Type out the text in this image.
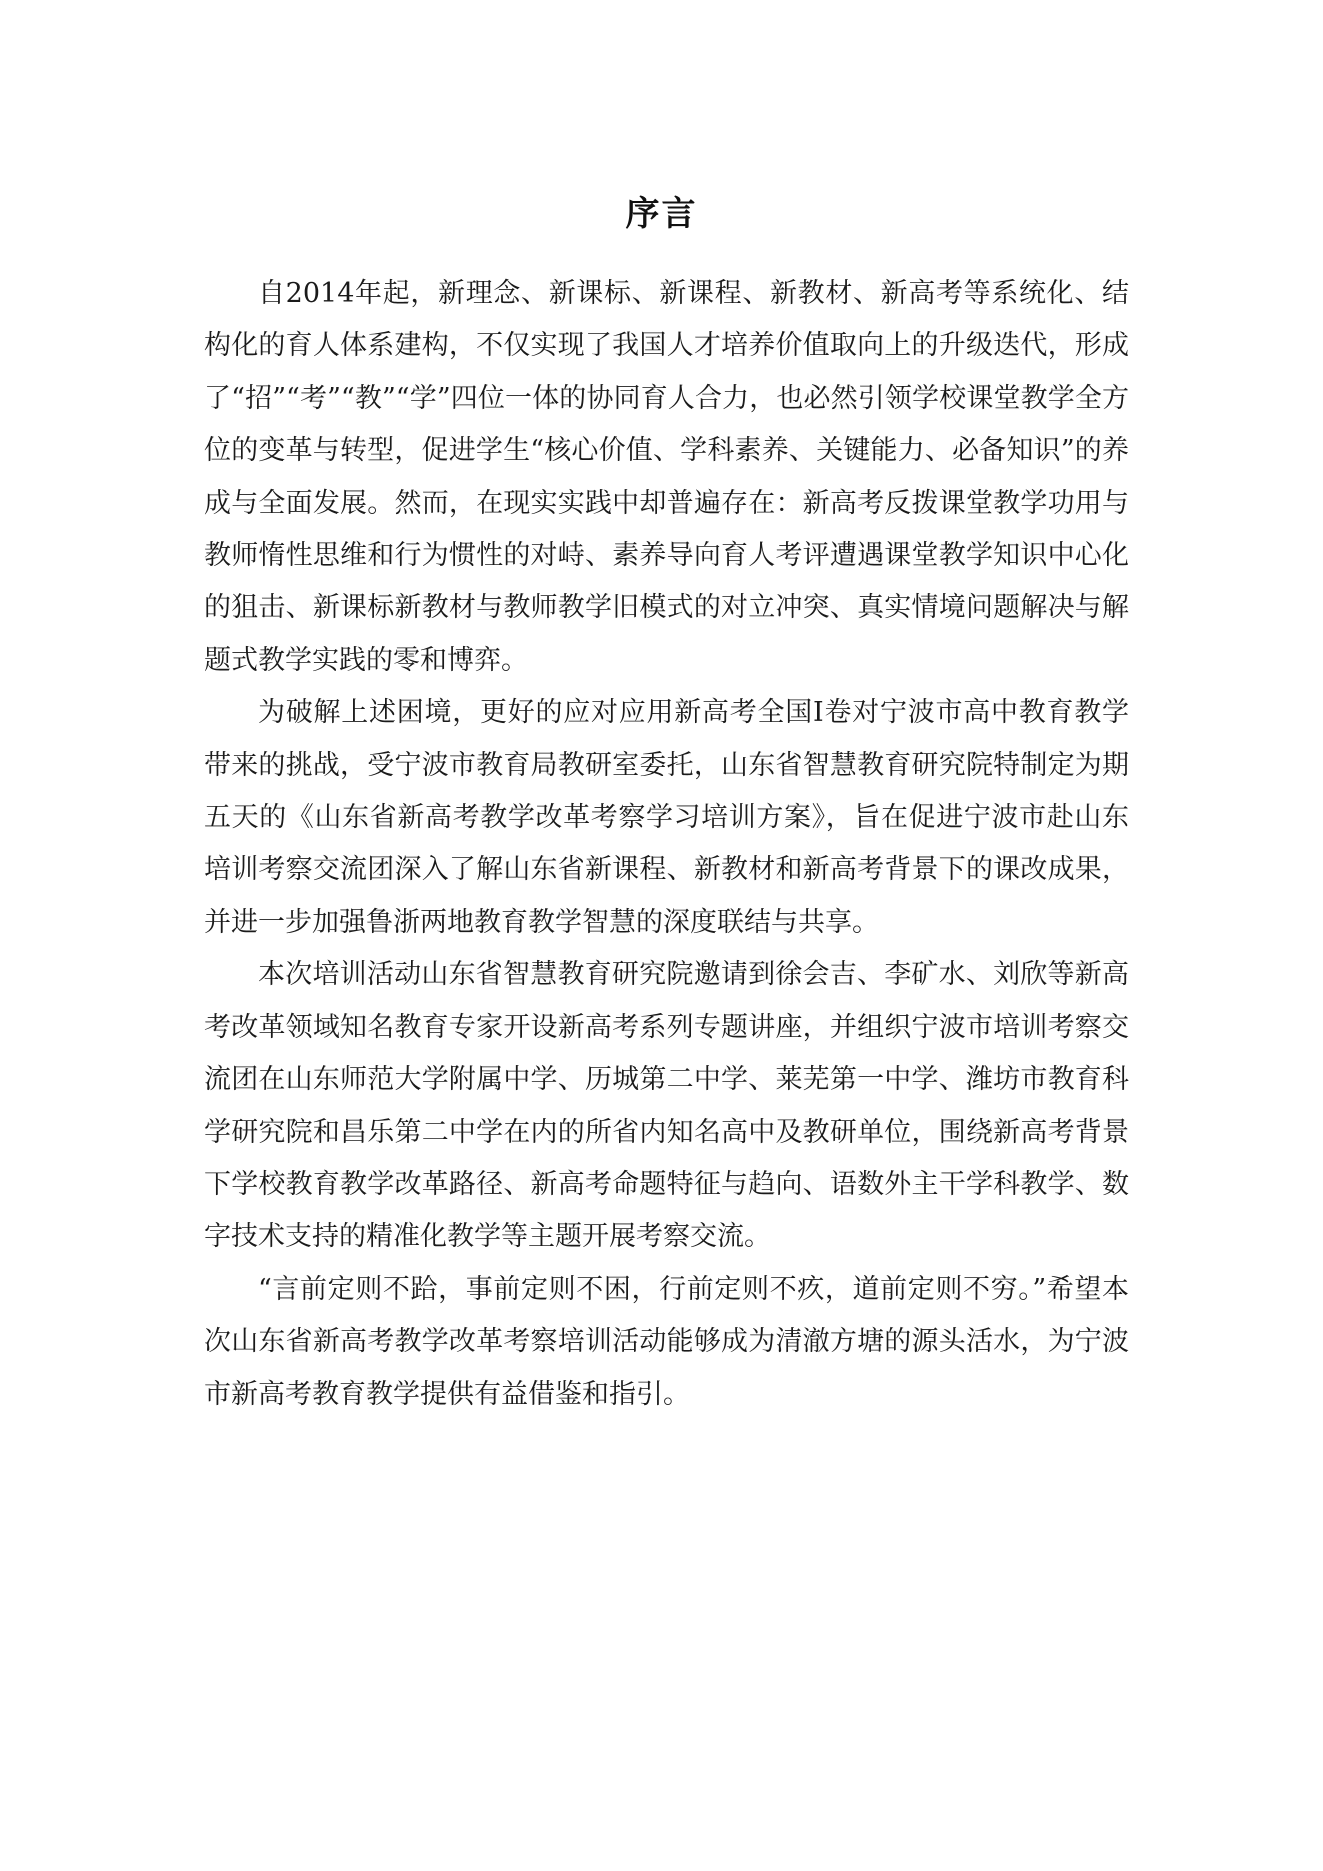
序言

自2014年起，新理念、新课标、新课程、新教材、新高考等系统化、结构化的育人体系建构，不仅实现了我国人才培养价值取向上的升级迭代，形成了“招”“考”“教”“学”四位一体的协同育人合力，也必然引领学校课堂教学全方位的变革与转型，促进学生“核心价值、学科素养、关键能力、必备知识”的养成与全面发展。然而，在现实实践中却普遍存在：新高考反拨课堂教学功用与教师惰性思维和行为惯性的对峙、素养导向育人考评遭遇课堂教学知识中心化的狙击、新课标新教材与教师教学旧模式的对立冲突、真实情境问题解决与解题式教学实践的零和博弈。

为破解上述困境，更好的应对应用新高考全国Ⅰ卷对宁波市高中教育教学带来的挑战，受宁波市教育局教研室委托，山东省智慧教育研究院特制定为期五天的《山东省新高考教学改革考察学习培训方案》，旨在促进宁波市赴山东培训考察交流团深入了解山东省新课程、新教材和新高考背景下的课改成果，并进一步加强鲁浙两地教育教学智慧的深度联结与共享。

本次培训活动山东省智慧教育研究院邀请到徐会吉、李矿水、刘欣等新高考改革领域知名教育专家开设新高考系列专题讲座，并组织宁波市培训考察交流团在山东师范大学附属中学、历城第二中学、莱芜第一中学、潍坊市教育科学研究院和昌乐第二中学在内的所省内知名高中及教研单位，围绕新高考背景下学校教育教学改革路径、新高考命题特征与趋向、语数外主干学科教学、数字技术支持的精准化教学等主题开展考察交流。

“言前定则不跲，事前定则不困，行前定则不疚，道前定则不穷。”希望本次山东省新高考教学改革考察培训活动能够成为清澈方塘的源头活水，为宁波市新高考教育教学提供有益借鉴和指引。
